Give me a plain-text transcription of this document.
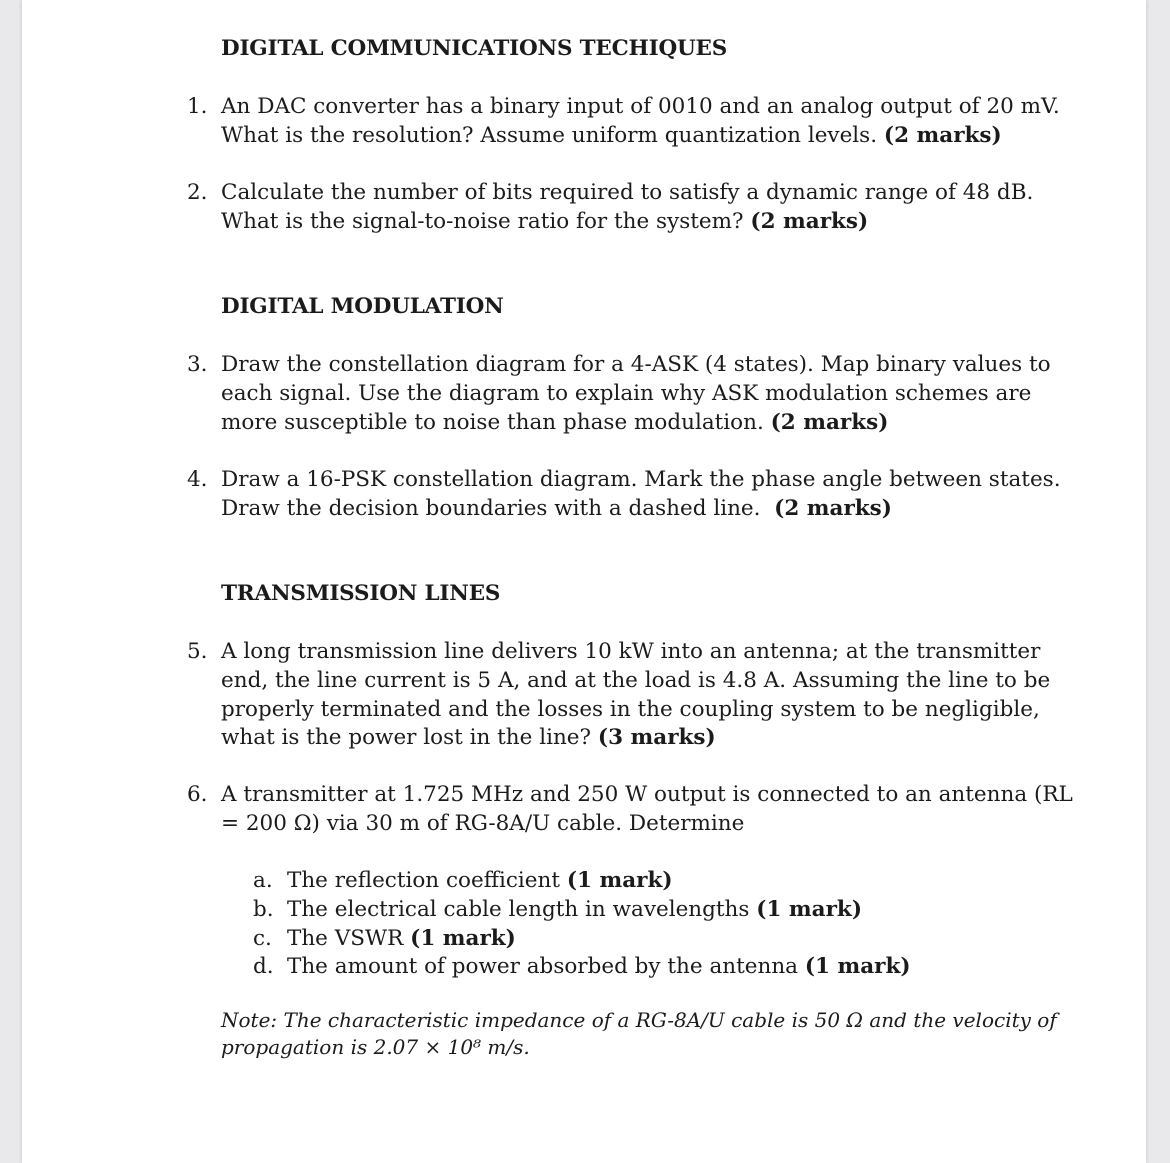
DIGITAL COMMUNICATIONS TECHIQUES
1. An DAC converter has a binary input of 0010 and an analog output of 20 mV.
What is the resolution? Assume uniform quantization levels. (2 marks)
2. Calculate the number of bits required to satisfy a dynamic range of 48 dB.
What is the signal-to-noise ratio for the system? (2 marks)
DIGITAL MODULATION
3. Draw the constellation diagram for a 4-ASK (4 states). Map binary values to
each signal. Use the diagram to explain why ASK modulation schemes are
more susceptible to noise than phase modulation. (2 marks)
4. Draw a 16-PSK constellation diagram. Mark the phase angle between states.
Draw the decision boundaries with a dashed line. (2 marks)
TRANSMISSION LINES
5. A long transmission line delivers 10 kW into an antenna; at the transmitter
end, the line current is 5 A, and at the load is 4.8 A. Assuming the line to be
properly terminated and the losses in the coupling system to be negligible,
what is the power lost in the line? (3 marks)
6. A transmitter at 1.725 MHz and 250 W output is connected to an antenna (RL
= 200 Ω) via 30 m of RG-8A/U cable. Determine
a. The reflection coefficient (1 mark)
b. The electrical cable length in wavelengths (1 mark)
c. The VSWR (1 mark)
d. The amount of power absorbed by the antenna (1 mark)
Note: The characteristic impedance of a RG-8A/U cable is 50 Ω and the velocity of
propagation is 2.07 × 10⁸ m/s.
